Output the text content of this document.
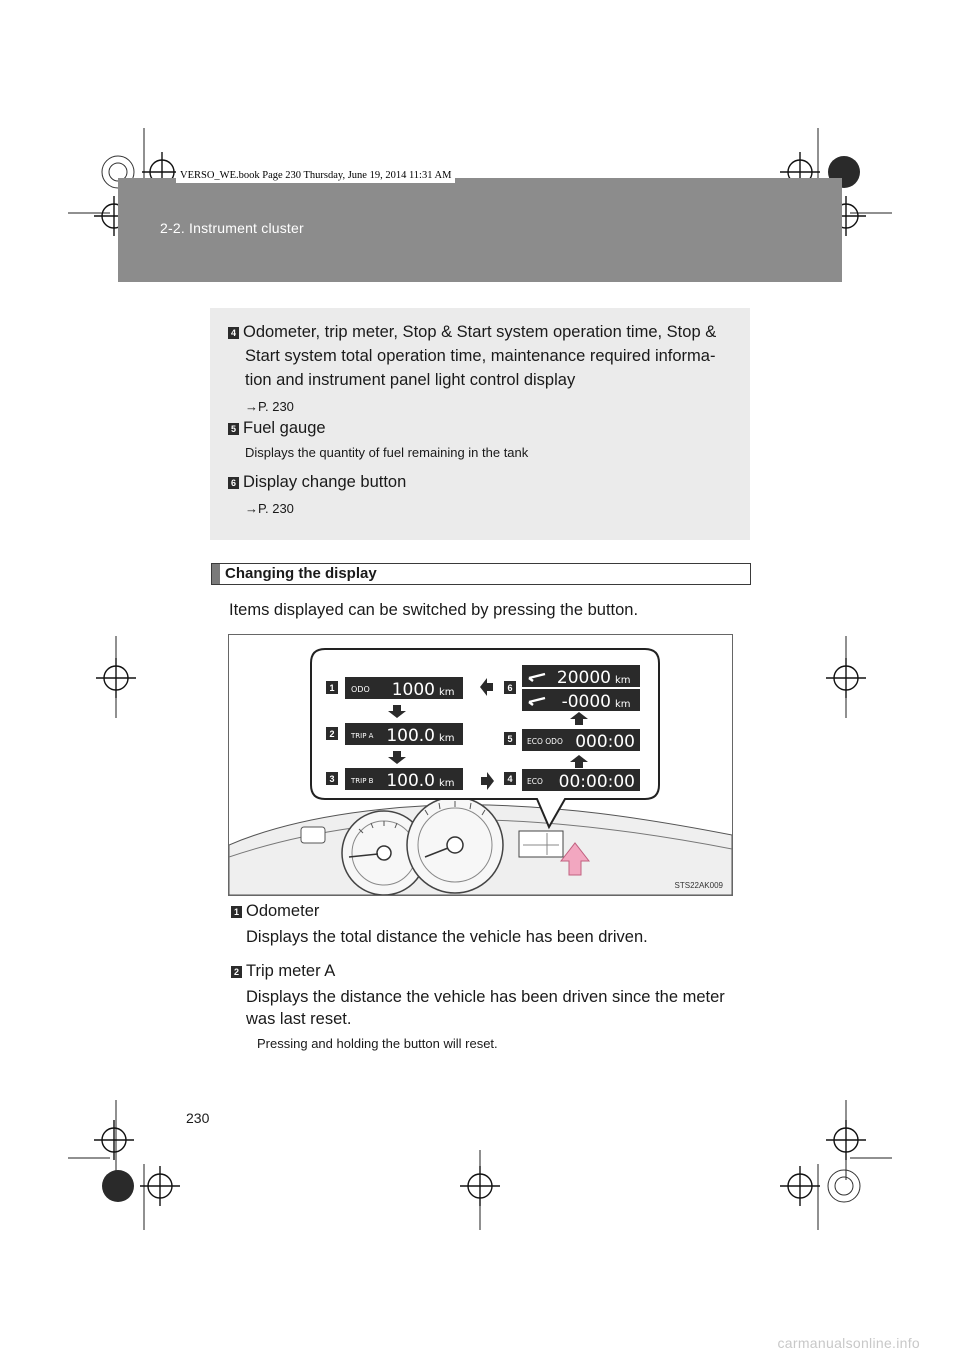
2-2. Instrument cluster
VERSO_WE.book Page 230 Thursday, June 19, 2014 11:31 AM
4 Odometer, trip meter, Stop & Start system operation time, Stop &
Start system total operation time, maintenance required informa-
tion and instrument panel light control display
→P. 230
5 Fuel gauge
Displays the quantity of fuel remaining in the tank
6 Display change button
→P. 230
Changing the display
Items displayed can be switched by pressing the button.
1 ODO 1000 km
2 TRIP A 100.0 km
3 TRIP B 100.0 km
6	20000 km
-0000 km
5 ECO ODO 000:00
4 ECO 00:00:00
STS22AK009
1 Odometer
Displays the total distance the vehicle has been driven.
2 Trip meter A
Displays the distance the vehicle has been driven since the meter
was last reset.
Pressing and holding the button will reset.
230
carmanualsonline.info
